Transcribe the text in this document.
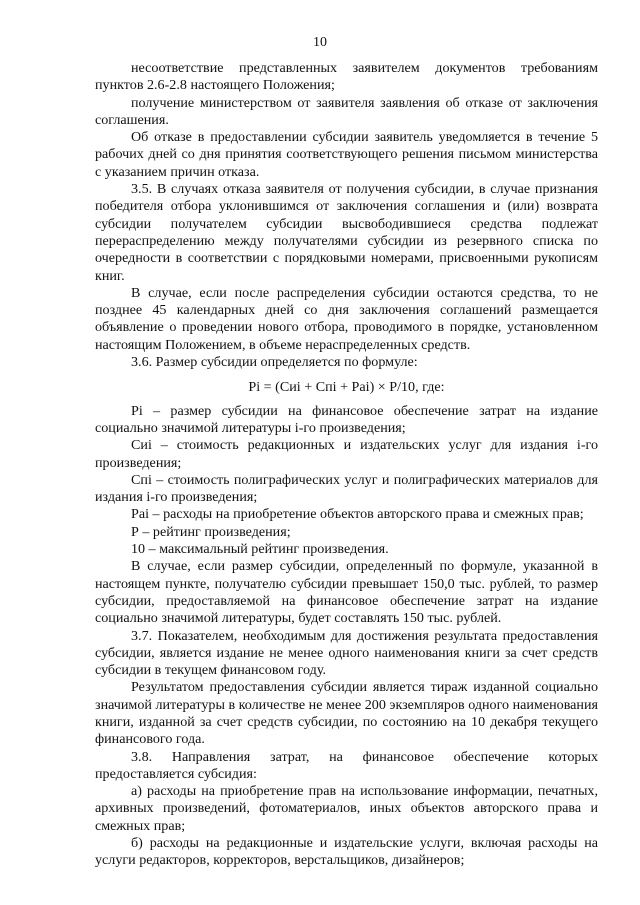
10

несоответствие представленных заявителем документов требованиям пунктов 2.6-2.8 настоящего Положения;

получение министерством от заявителя заявления об отказе от заключения соглашения.

Об отказе в предоставлении субсидии заявитель уведомляется в течение 5 рабочих дней со дня принятия соответствующего решения письмом министерства с указанием причин отказа.

3.5. В случаях отказа заявителя от получения субсидии, в случае признания победителя отбора уклонившимся от заключения соглашения и (или) возврата субсидии получателем субсидии высвободившиеся средства подлежат перераспределению между получателями субсидии из резервного списка по очередности в соответствии с порядковыми номерами, присвоенными рукописям книг.

В случае, если после распределения субсидии остаются средства, то не позднее 45 календарных дней со дня заключения соглашений размещается объявление о проведении нового отбора, проводимого в порядке, установленном настоящим Положением, в объеме нераспределенных средств.

3.6. Размер субсидии определяется по формуле:

Pi = (Сиi + Спi + Раi) × Р/10, где:

Pi – размер субсидии на финансовое обеспечение затрат на издание социально значимой литературы i-го произведения;

Сиi – стоимость редакционных и издательских услуг для издания i-го произведения;

Спi – стоимость полиграфических услуг и полиграфических материалов для издания i-го произведения;

Раi – расходы на приобретение объектов авторского права и смежных прав;

Р – рейтинг произведения;

10 – максимальный рейтинг произведения.

В случае, если размер субсидии, определенный по формуле, указанной в настоящем пункте, получателю субсидии превышает 150,0 тыс. рублей, то размер субсидии, предоставляемой на финансовое обеспечение затрат на издание социально значимой литературы, будет составлять 150 тыс. рублей.

3.7. Показателем, необходимым для достижения результата предоставления субсидии, является издание не менее одного наименования книги за счет средств субсидии в текущем финансовом году.

Результатом предоставления субсидии является тираж изданной социально значимой литературы в количестве не менее 200 экземпляров одного наименования книги, изданной за счет средств субсидии, по состоянию на 10 декабря текущего финансового года.

3.8. Направления затрат, на финансовое обеспечение которых предоставляется субсидия:

а) расходы на приобретение прав на использование информации, печатных, архивных произведений, фотоматериалов, иных объектов авторского права и смежных прав;

б) расходы на редакционные и издательские услуги, включая расходы на услуги редакторов, корректоров, верстальщиков, дизайнеров;
